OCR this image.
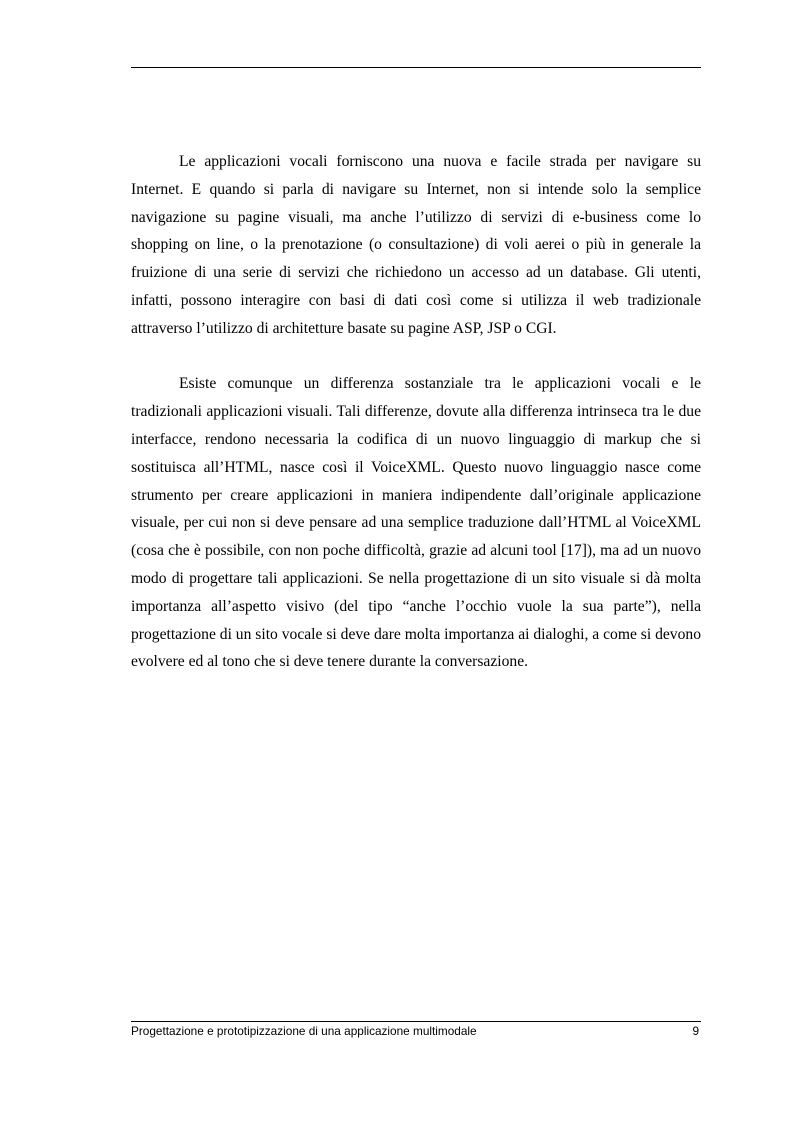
Le applicazioni vocali forniscono una nuova e facile strada per navigare su Internet. E quando si parla di navigare su Internet, non si intende solo la semplice navigazione su pagine visuali, ma anche l’utilizzo di servizi di e-business come lo shopping on line, o la prenotazione (o consultazione) di voli aerei o più in generale la fruizione di una serie di servizi che richiedono un accesso ad un database. Gli utenti, infatti, possono interagire con basi di dati così come si utilizza il web tradizionale attraverso l’utilizzo di architetture basate su pagine ASP, JSP o CGI.

Esiste comunque un differenza sostanziale tra le applicazioni vocali e le tradizionali applicazioni visuali. Tali differenze, dovute alla differenza intrinseca tra le due interfacce, rendono necessaria la codifica di un nuovo linguaggio di markup che si sostituisca all’HTML, nasce così il VoiceXML. Questo nuovo linguaggio nasce come strumento per creare applicazioni in maniera indipendente dall’originale applicazione visuale, per cui non si deve pensare ad una semplice traduzione dall’HTML al VoiceXML (cosa che è possibile, con non poche difficoltà, grazie ad alcuni tool [17]), ma ad un nuovo modo di progettare tali applicazioni. Se nella progettazione di un sito visuale si dà molta importanza all’aspetto visivo (del tipo “anche l’occhio vuole la sua parte”), nella progettazione di un sito vocale si deve dare molta importanza ai dialoghi, a come si devono evolvere ed al tono che si deve tenere durante la conversazione.

Progettazione e prototipizzazione di una applicazione multimodale	9
